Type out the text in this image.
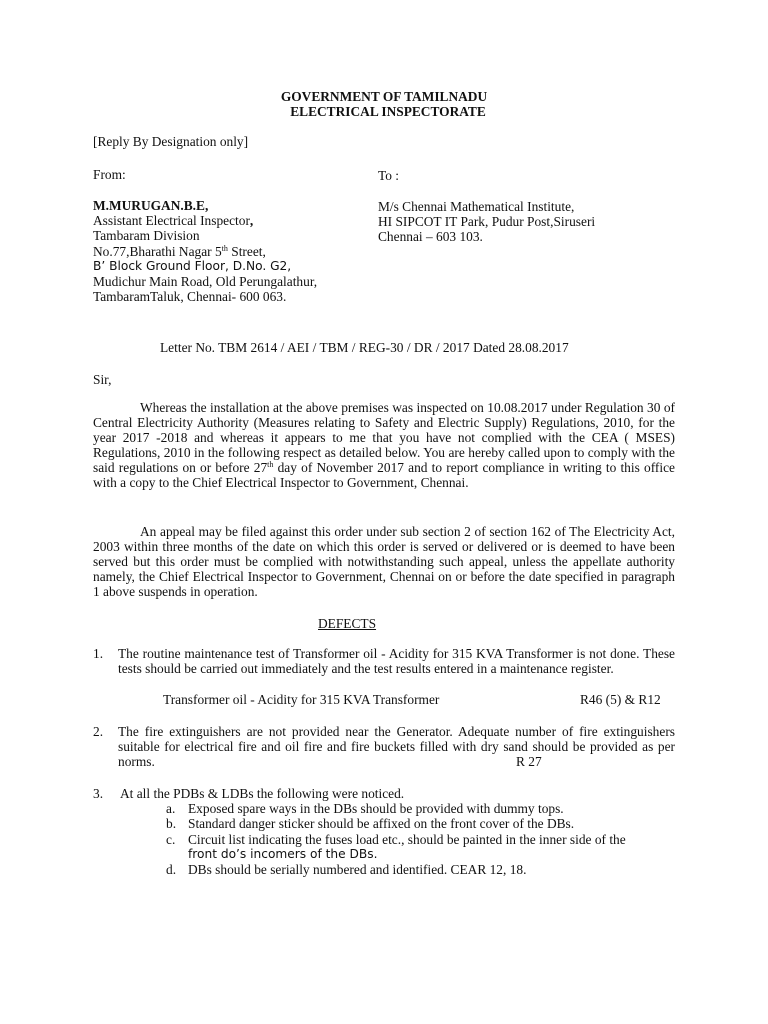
GOVERNMENT OF TAMILNADU
ELECTRICAL INSPECTORATE
[Reply By Designation only]
From:	To :
M.MURUGAN.B.E,
Assistant Electrical Inspector,
Tambaram Division
No.77,Bharathi Nagar 5th Street,
B’ Block Ground Floor, D.No. G2,
Mudichur Main Road, Old Perungalathur,
TambaramTaluk, Chennai- 600 063.
M/s Chennai Mathematical Institute,
HI SIPCOT IT Park, Pudur Post,Siruseri
Chennai – 603 103.
Letter No. TBM 2614 / AEI / TBM / REG-30 / DR / 2017 Dated 28.08.2017
Sir,
Whereas the installation at the above premises was inspected on 10.08.2017 under Regulation 30 of Central Electricity Authority (Measures relating to Safety and Electric Supply) Regulations, 2010, for the year 2017 -2018 and whereas it appears to me that you have not complied with the CEA ( MSES) Regulations, 2010 in the following respect as detailed below. You are hereby called upon to comply with the said regulations on or before 27th day of November 2017 and to report compliance in writing to this office with a copy to the Chief Electrical Inspector to Government, Chennai.
An appeal may be filed against this order under sub section 2 of section 162 of The Electricity Act, 2003 within three months of the date on which this order is served or delivered or is deemed to have been served but this order must be complied with notwithstanding such appeal, unless the appellate authority namely, the Chief Electrical Inspector to Government, Chennai on or before the date specified in paragraph 1 above suspends in operation.
DEFECTS
1. The routine maintenance test of Transformer oil - Acidity for 315 KVA Transformer is not done. These tests should be carried out immediately and the test results entered in a maintenance register.
Transformer oil - Acidity for 315 KVA Transformer	R46 (5) & R12
2. The fire extinguishers are not provided near the Generator. Adequate number of fire extinguishers suitable for electrical fire and oil fire and fire buckets filled with dry sand should be provided as per norms.	R 27
3. At all the PDBs & LDBs the following were noticed.
a. Exposed spare ways in the DBs should be provided with dummy tops.
b. Standard danger sticker should be affixed on the front cover of the DBs.
c. Circuit list indicating the fuses load etc., should be painted in the inner side of the
front do’s incomers of the DBs.
d. DBs should be serially numbered and identified. CEAR 12, 18.
